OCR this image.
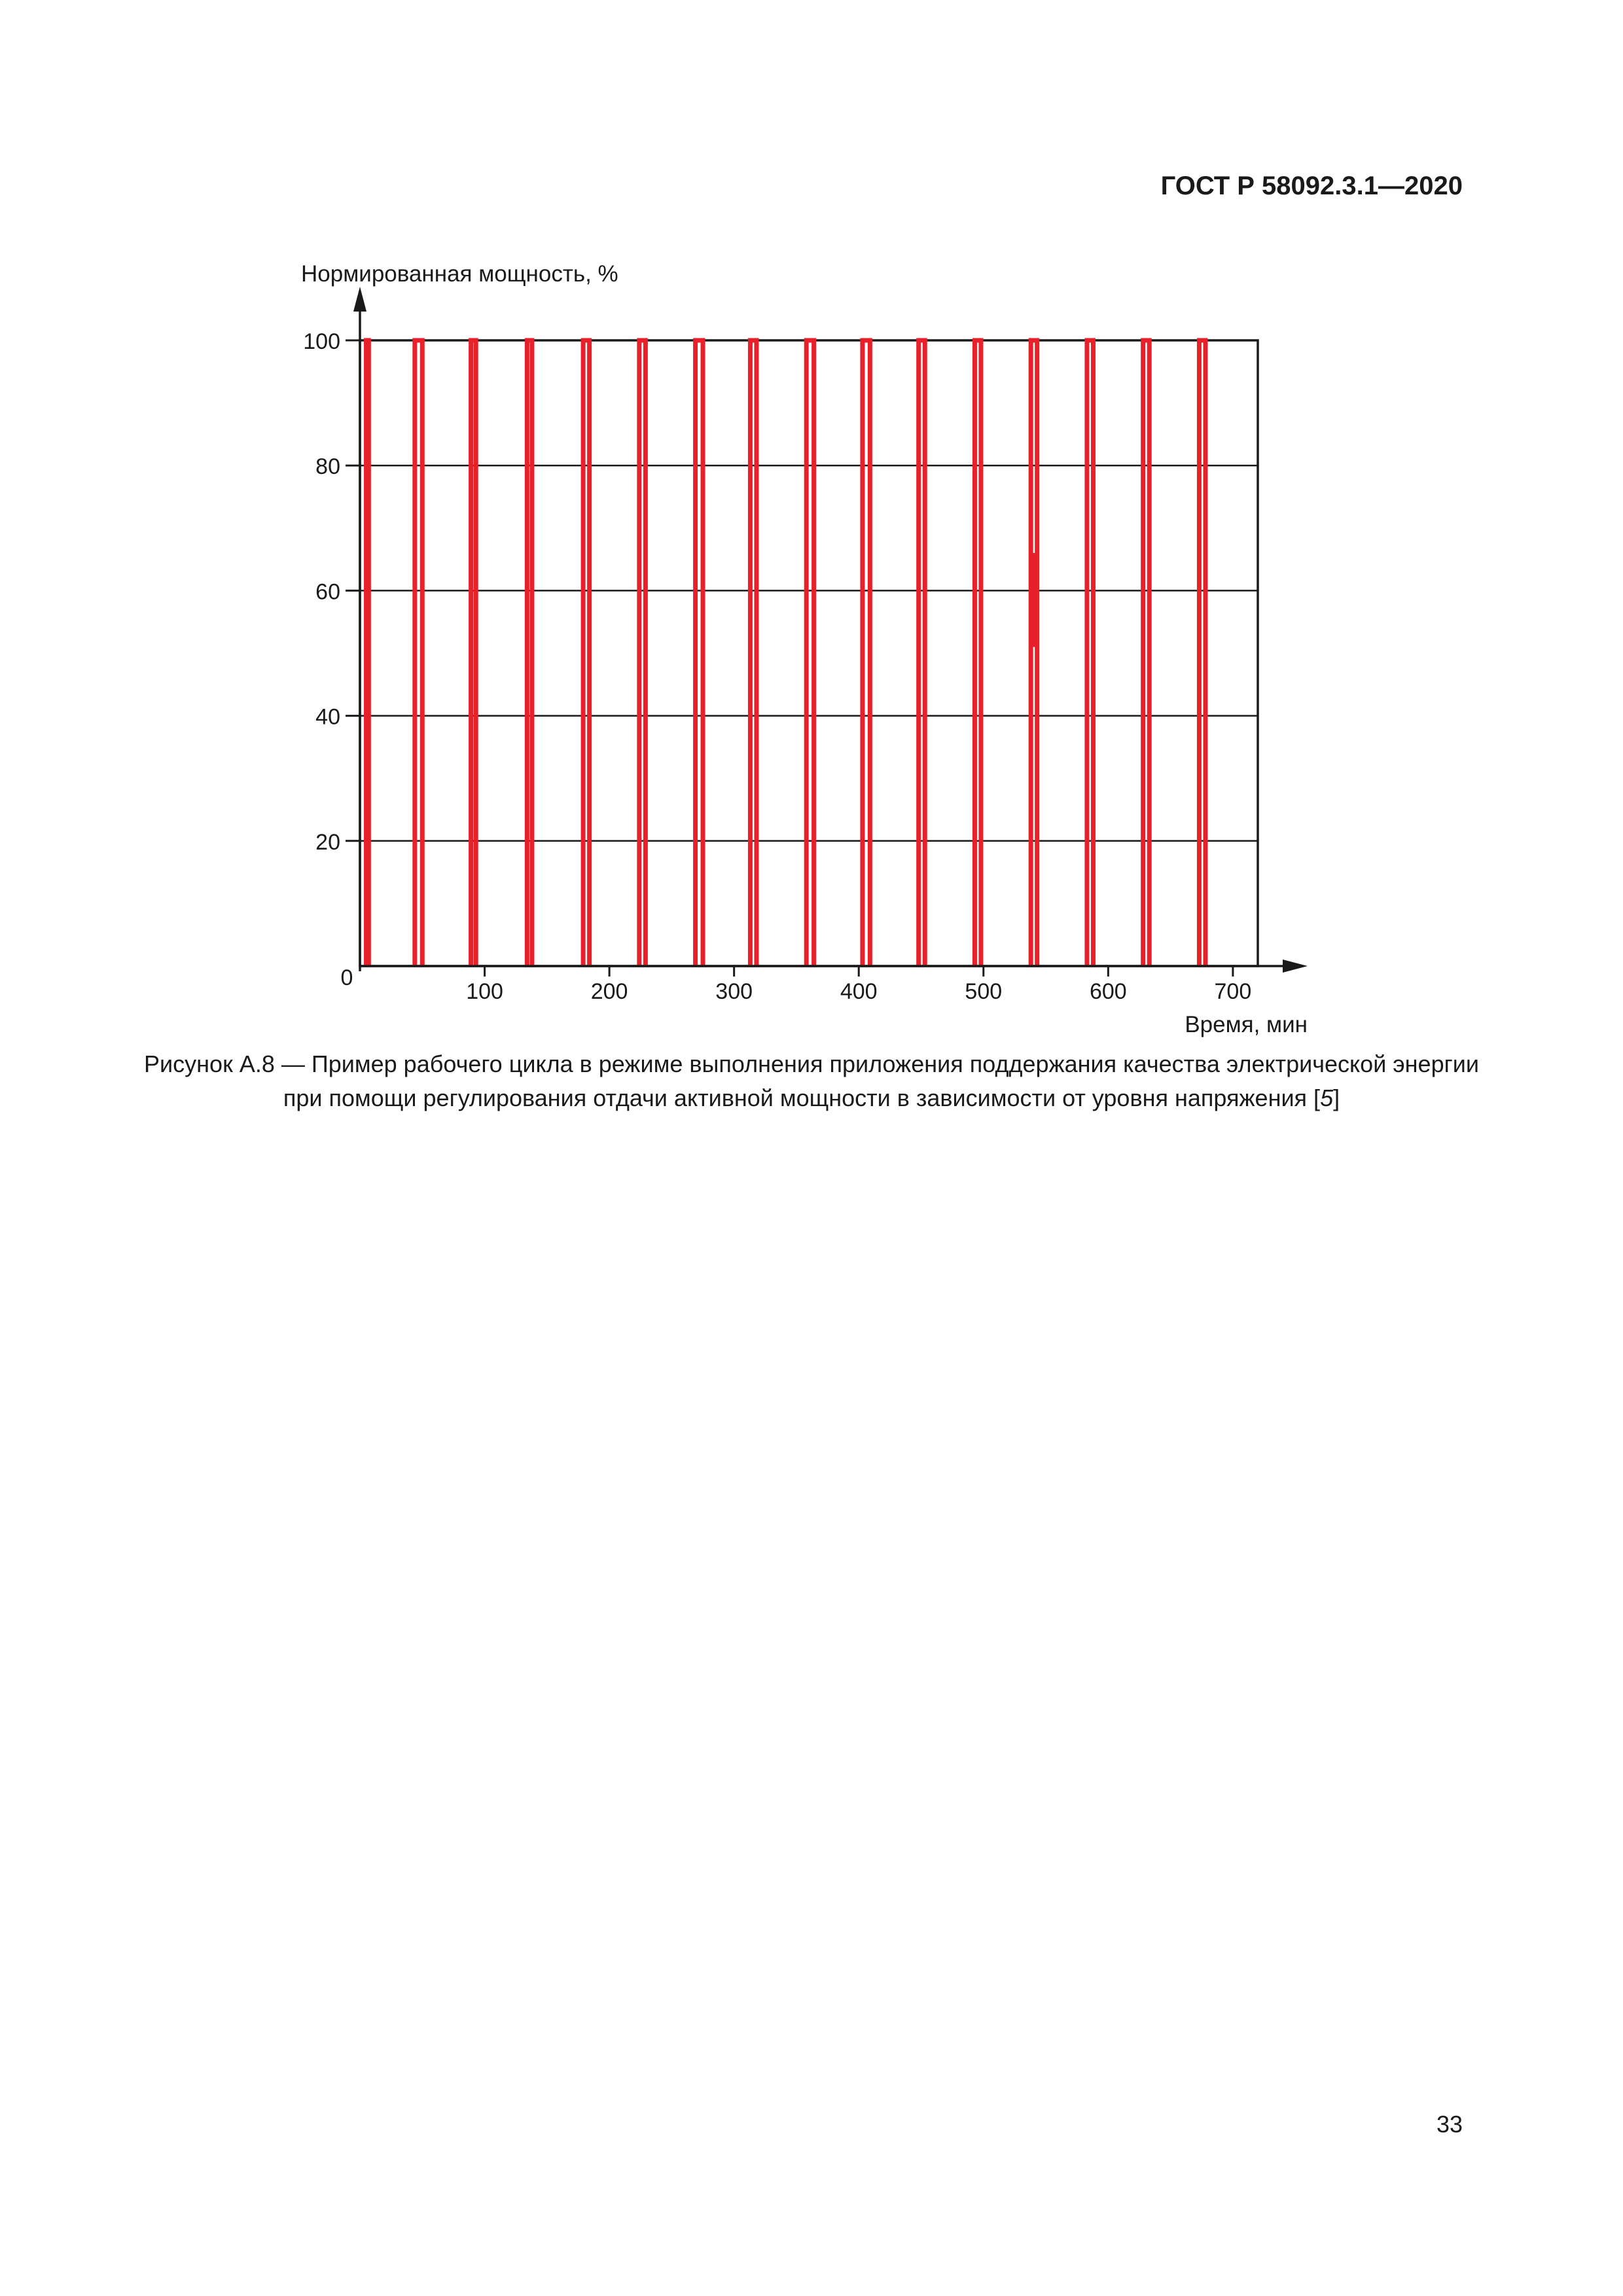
ГОСТ Р 58092.3.1—2020
20
40
60
80
100
100	200	300	400	500	600	700
0
Нормированная мощность, %
Время, мин
Рисунок А.8 — Пример рабочего цикла в режиме выполнения приложения поддержания качества электрической энергии при помощи регулирования отдачи активной мощности в зависимости от уровня напряжения [5]
33
